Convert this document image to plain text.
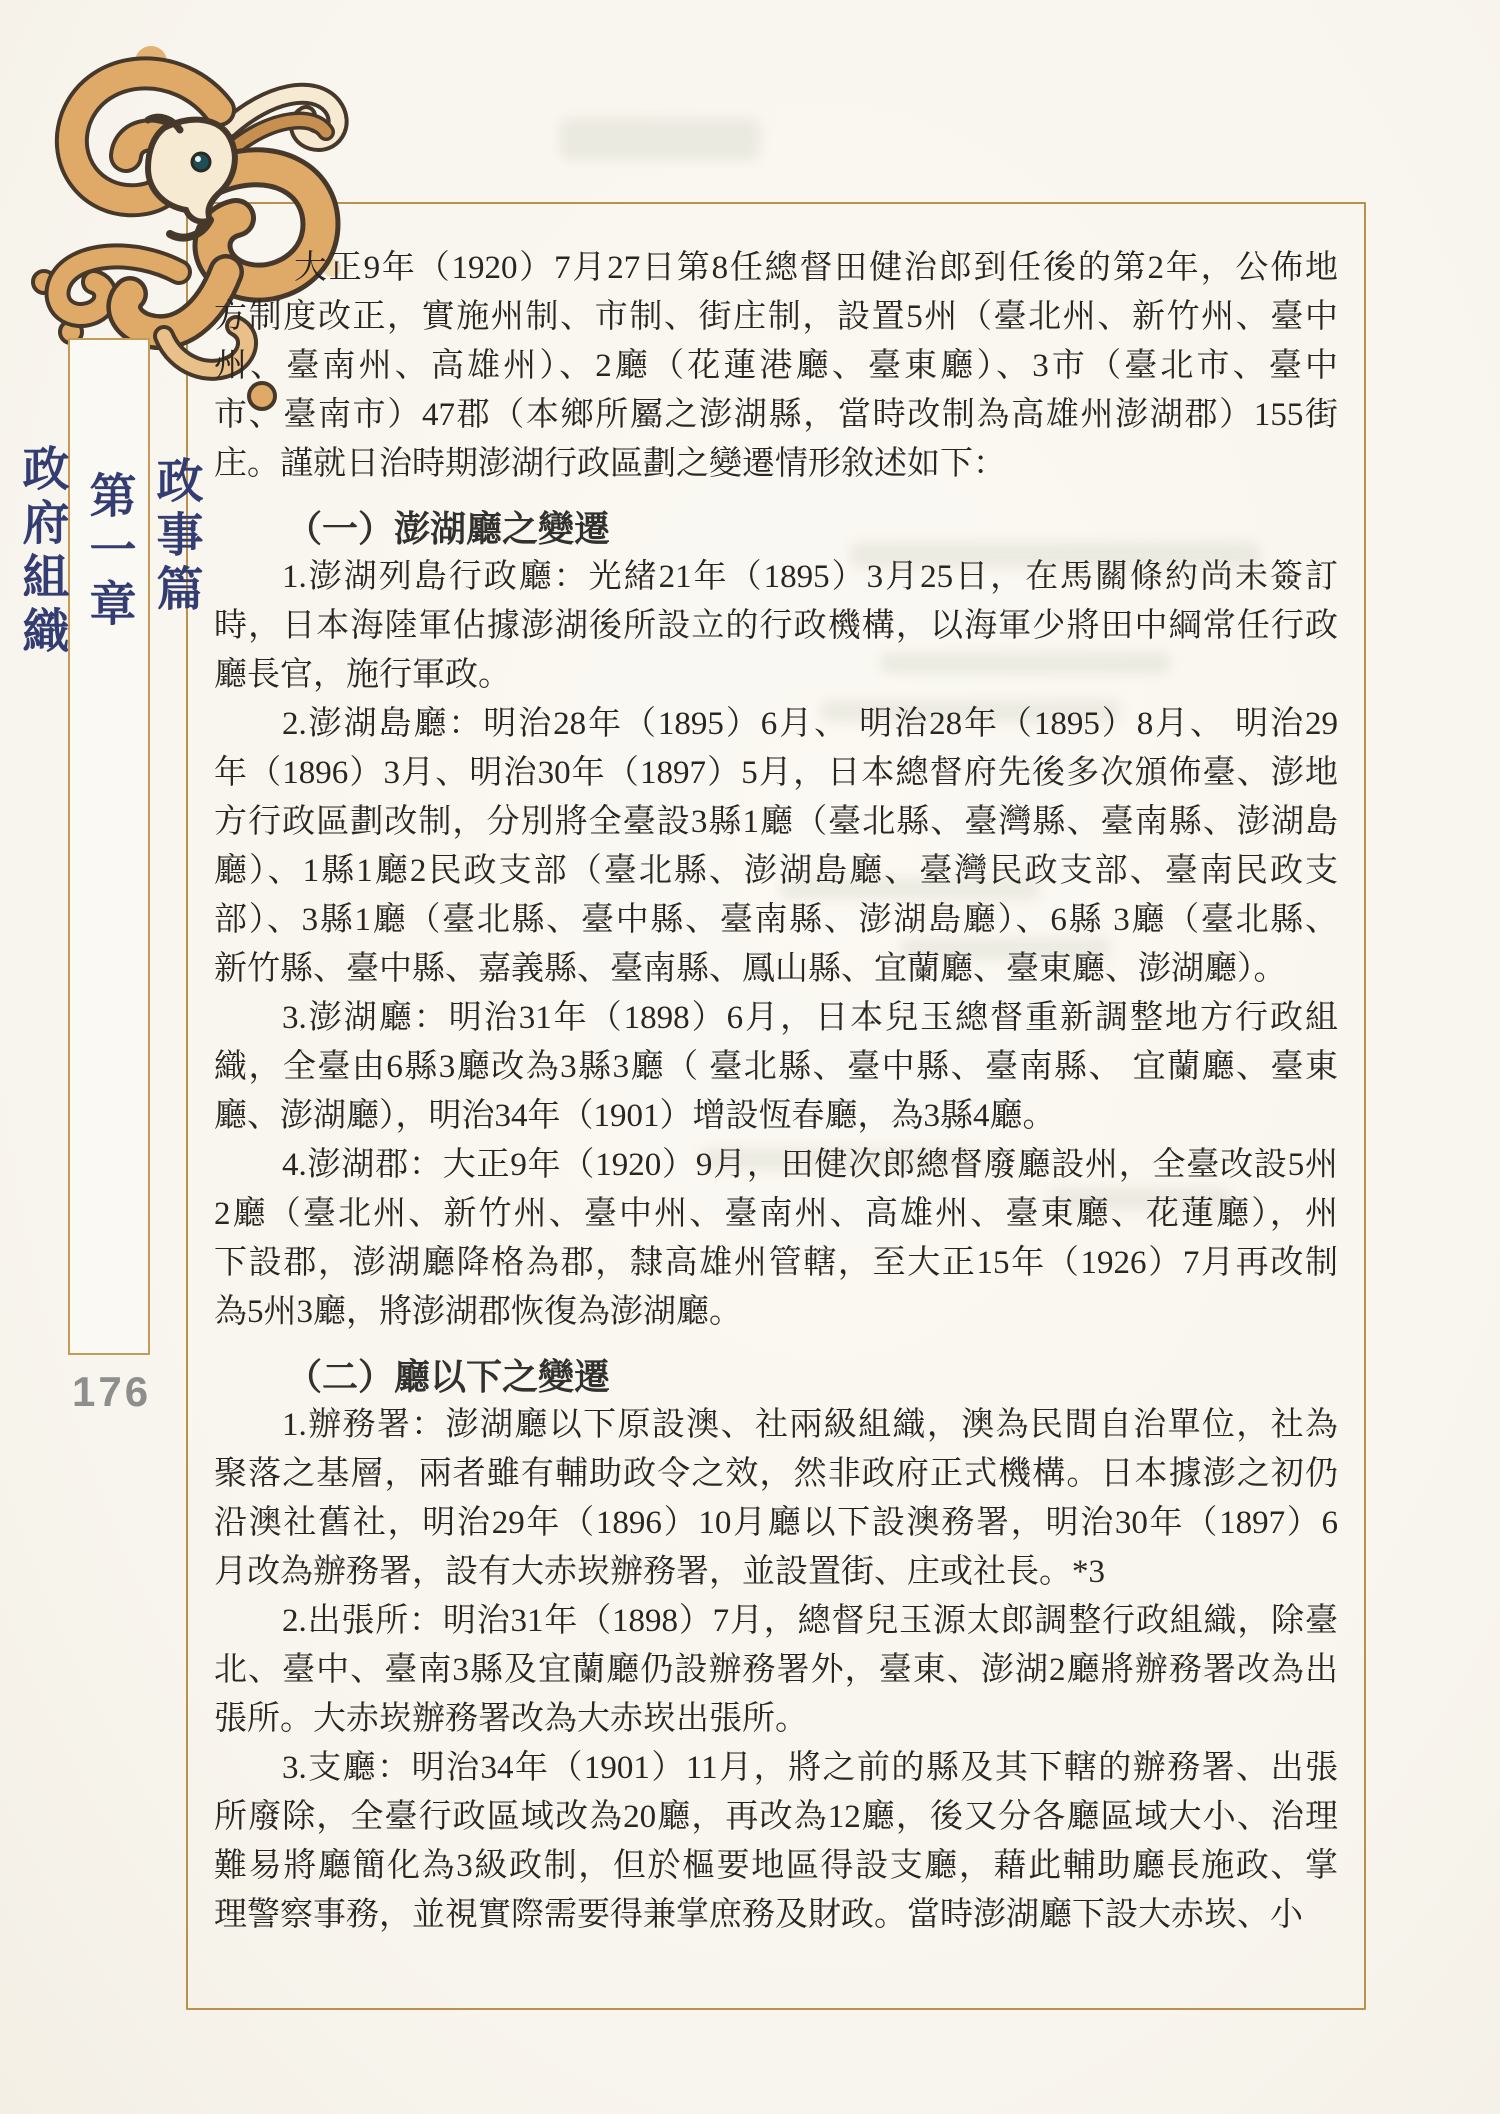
政事篇
第一章
政府組織
176
大正9年（1920）7月27日第8任總督田健治郎到任後的第2年，公佈地
方制度改正，實施州制、市制、街庄制，設置5州（臺北州、新竹州、臺中
州、臺南州、高雄州）、2廳（花蓮港廳、臺東廳）、3市（臺北市、臺中
市、臺南市）47郡（本鄉所屬之澎湖縣，當時改制為高雄州澎湖郡）155街
庄。謹就日治時期澎湖行政區劃之變遷情形敘述如下：
（一）澎湖廳之變遷
1.澎湖列島行政廳：光緒21年（1895）3月25日，在馬關條約尚未簽訂
時，日本海陸軍佔據澎湖後所設立的行政機構，以海軍少將田中綱常任行政
廳長官，施行軍政。
2.澎湖島廳：明治28年（1895）6月、 明治28年（1895）8月、 明治29
年（1896）3月、明治30年（1897）5月，日本總督府先後多次頒佈臺、澎地
方行政區劃改制，分別將全臺設3縣1廳（臺北縣、臺灣縣、臺南縣、澎湖島
廳）、1縣1廳2民政支部（臺北縣、澎湖島廳、臺灣民政支部、臺南民政支
部）、3縣1廳（臺北縣、臺中縣、臺南縣、澎湖島廳）、6縣 3廳（臺北縣、
新竹縣、臺中縣、嘉義縣、臺南縣、鳳山縣、宜蘭廳、臺東廳、澎湖廳）。
3.澎湖廳：明治31年（1898）6月，日本兒玉總督重新調整地方行政組
織，全臺由6縣3廳改為3縣3廳（ 臺北縣、臺中縣、臺南縣、 宜蘭廳、臺東
廳、澎湖廳），明治34年（1901）增設恆春廳，為3縣4廳。
4.澎湖郡：大正9年（1920）9月，田健次郎總督廢廳設州，全臺改設5州
2廳（臺北州、新竹州、臺中州、臺南州、高雄州、臺東廳、花蓮廳），州
下設郡，澎湖廳降格為郡，隸高雄州管轄，至大正15年（1926）7月再改制
為5州3廳，將澎湖郡恢復為澎湖廳。
（二）廳以下之變遷
1.辦務署：澎湖廳以下原設澳、社兩級組織，澳為民間自治單位，社為
聚落之基層，兩者雖有輔助政令之效，然非政府正式機構。日本據澎之初仍
沿澳社舊社，明治29年（1896）10月廳以下設澳務署，明治30年（1897）6
月改為辦務署，設有大赤崁辦務署，並設置街、庄或社長。*3
2.出張所：明治31年（1898）7月，總督兒玉源太郎調整行政組織，除臺
北、臺中、臺南3縣及宜蘭廳仍設辦務署外，臺東、澎湖2廳將辦務署改為出
張所。大赤崁辦務署改為大赤崁出張所。
3.支廳：明治34年（1901）11月，將之前的縣及其下轄的辦務署、出張
所廢除，全臺行政區域改為20廳，再改為12廳，後又分各廳區域大小、治理
難易將廳簡化為3級政制，但於樞要地區得設支廳，藉此輔助廳長施政、掌
理警察事務，並視實際需要得兼掌庶務及財政。當時澎湖廳下設大赤崁、小
